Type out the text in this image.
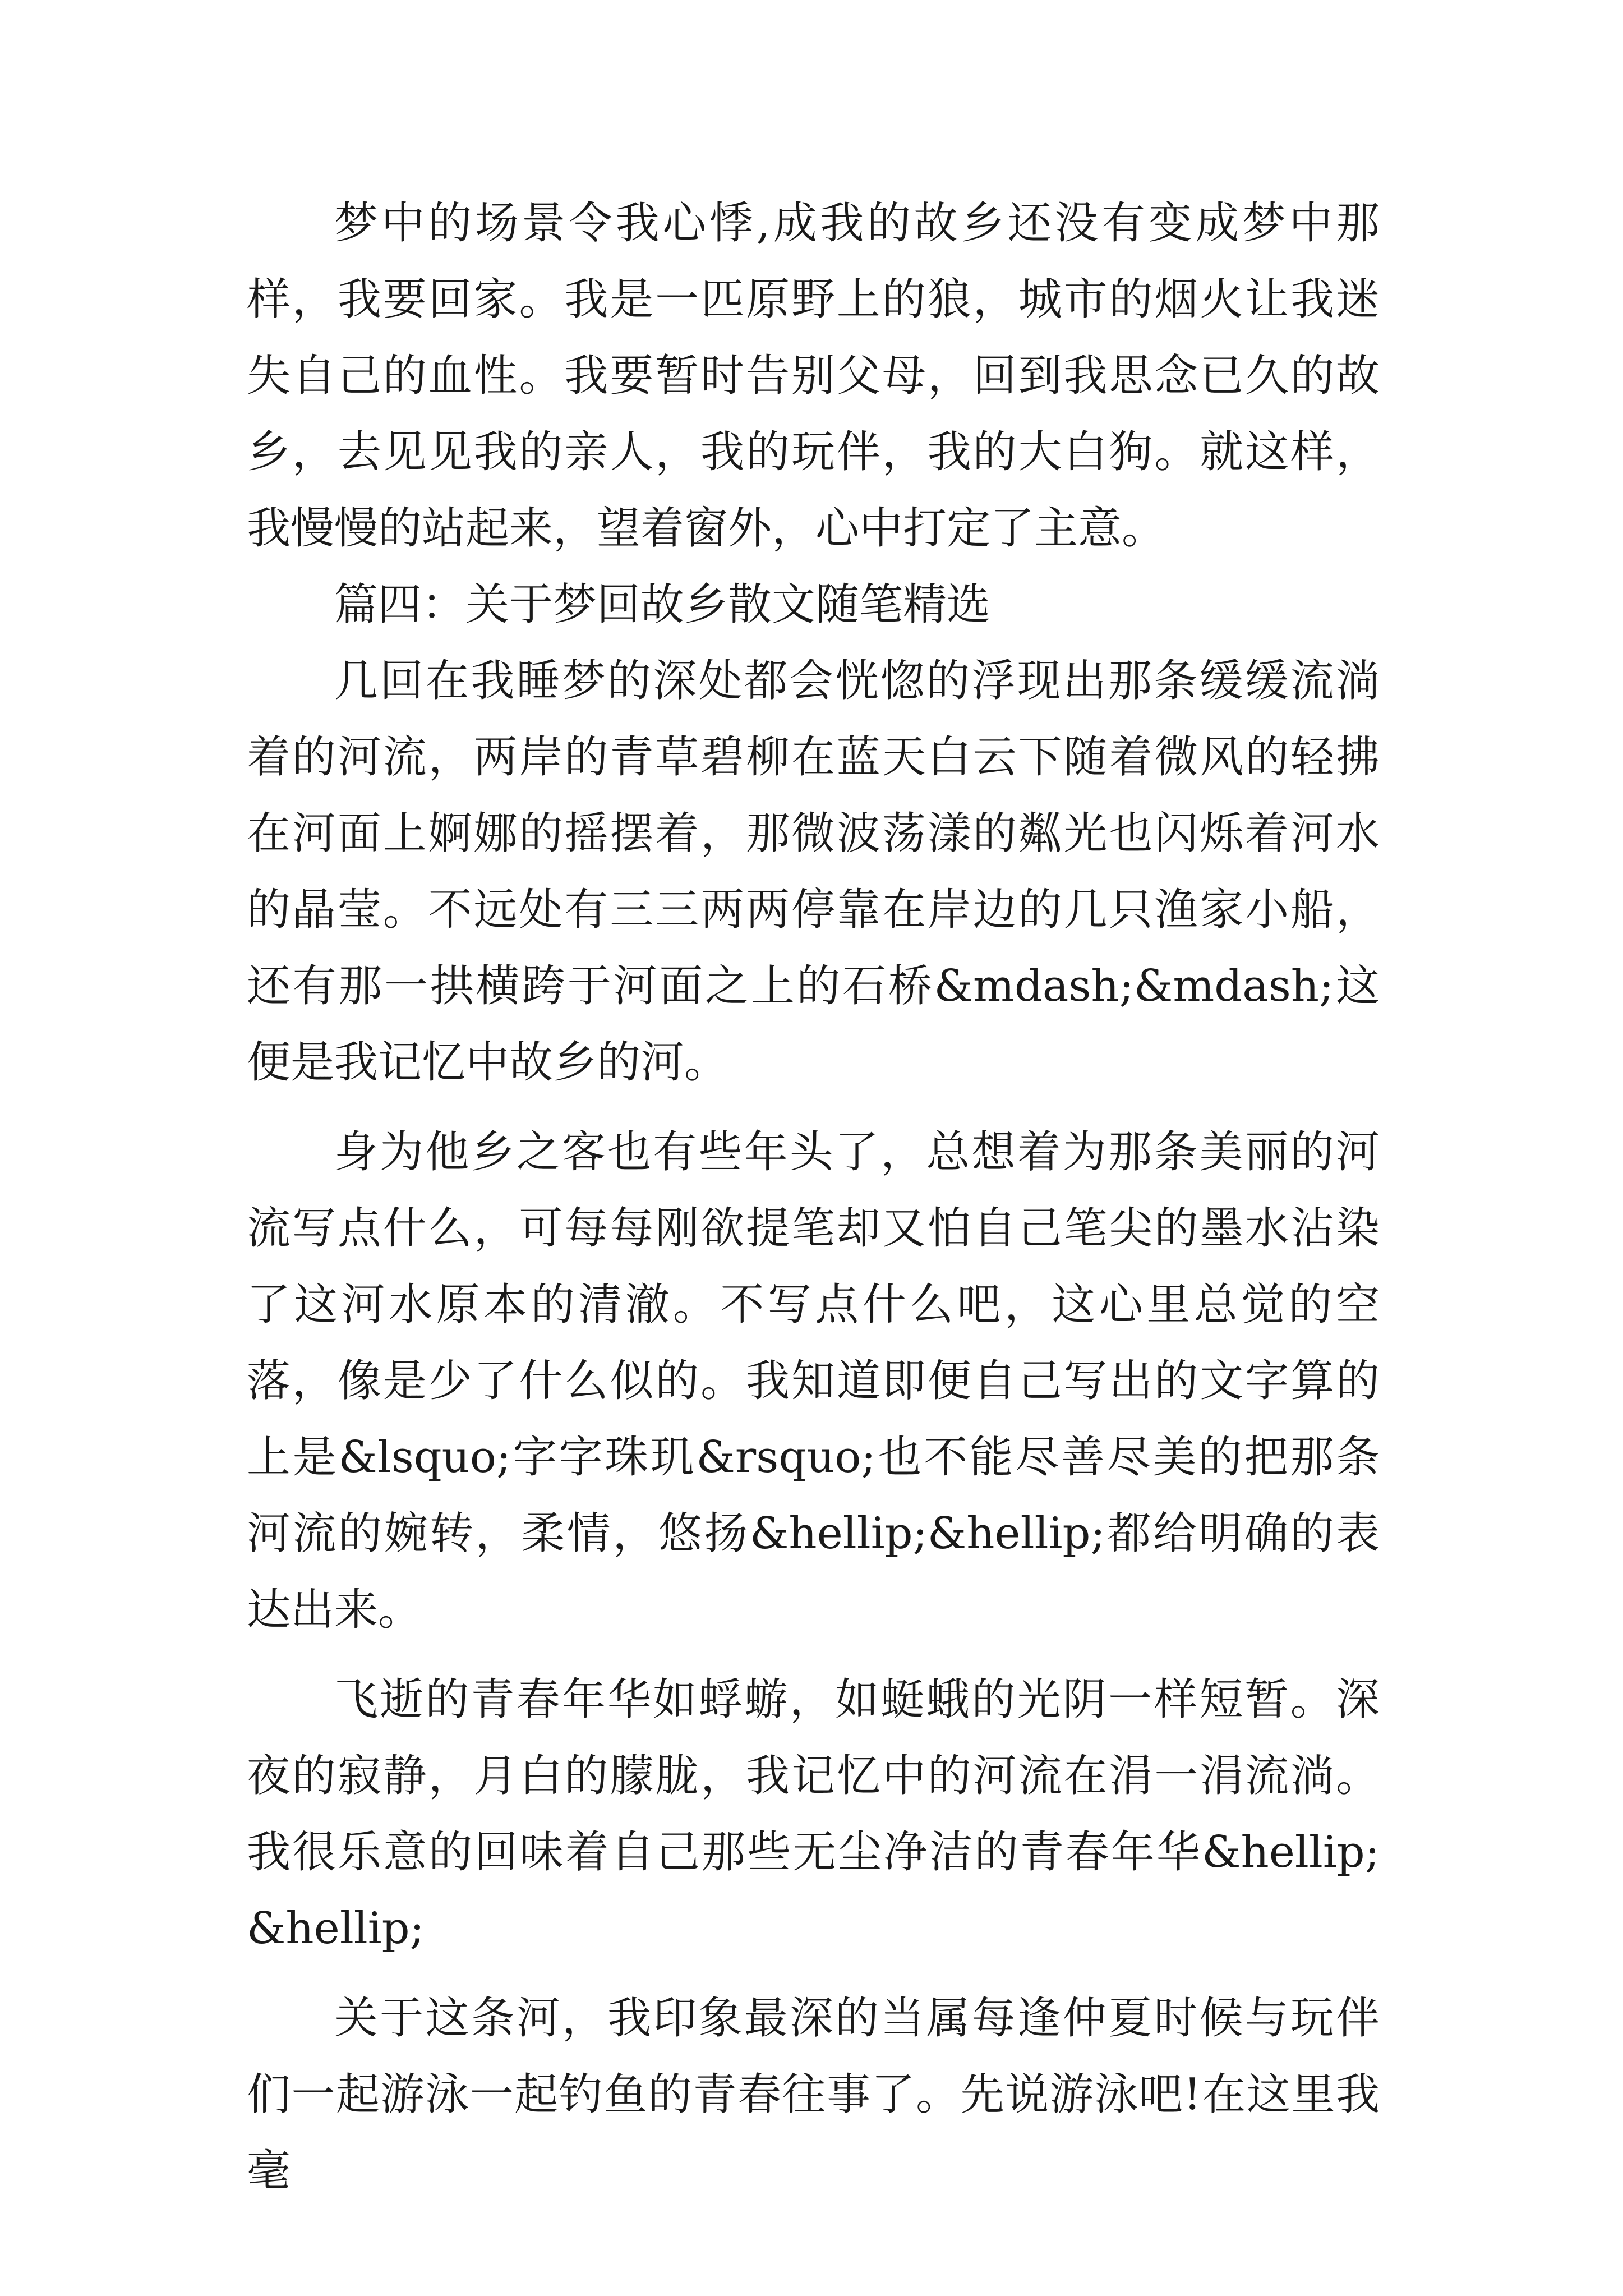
梦中的场景令我心悸,成我的故乡还没有变成梦中那样，我要回家。我是一匹原野上的狼，城市的烟火让我迷失自己的血性。我要暂时告别父母，回到我思念已久的故乡，去见见我的亲人，我的玩伴，我的大白狗。就这样，我慢慢的站起来，望着窗外，心中打定了主意。

篇四：关于梦回故乡散文随笔精选

几回在我睡梦的深处都会恍惚的浮现出那条缓缓流淌着的河流，两岸的青草碧柳在蓝天白云下随着微风的轻拂在河面上婀娜的摇摆着，那微波荡漾的粼光也闪烁着河水的晶莹。不远处有三三两两停靠在岸边的几只渔家小船，还有那一拱横跨于河面之上的石桥&mdash;&mdash;这便是我记忆中故乡的河。

身为他乡之客也有些年头了，总想着为那条美丽的河流写点什么，可每每刚欲提笔却又怕自己笔尖的墨水沾染了这河水原本的清澈。不写点什么吧，这心里总觉的空落，像是少了什么似的。我知道即便自己写出的文字算的上是&lsquo;字字珠玑&rsquo;也不能尽善尽美的把那条河流的婉转，柔情，悠扬&hellip;&hellip;都给明确的表达出来。

飞逝的青春年华如蜉蝣，如蜓蛾的光阴一样短暂。深夜的寂静，月白的朦胧，我记忆中的河流在涓一涓流淌。我很乐意的回味着自己那些无尘净洁的青春年华&hellip;&hellip;

关于这条河，我印象最深的当属每逢仲夏时候与玩伴们一起游泳一起钓鱼的青春往事了。先说游泳吧!在这里我毫
